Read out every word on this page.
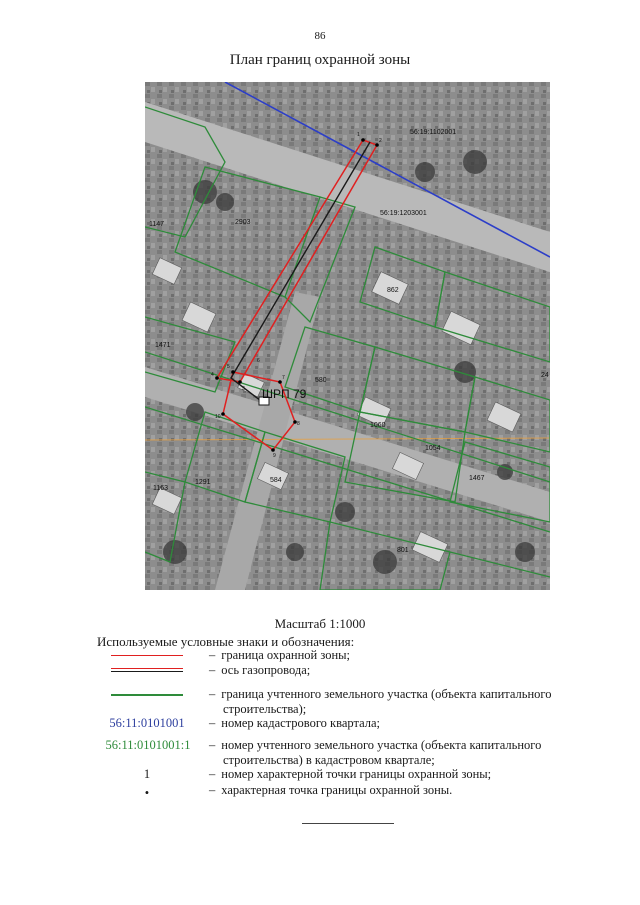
86
План границ охранной зоны
56:19:1102001
56:19:1203001
1147	2903
862
1471
580
1060
1054
1291	584	1467
1163
801
24
1
2
3
4
5
6
7
8
9
10
ШРП 79
Масштаб 1:1000
Используемые условные знаки и обозначения:
– граница охранной зоны;
– ось газопровода;
– граница учтенного земельного участка (объекта капитального строительства);
56:11:0101001	– номер кадастрового квартала;
56:11:0101001:1	– номер учтенного земельного участка (объекта капитального строительства) в кадастровом квартале;
1	– номер характерной точки границы охранной зоны;
•	– характерная точка границы охранной зоны.
